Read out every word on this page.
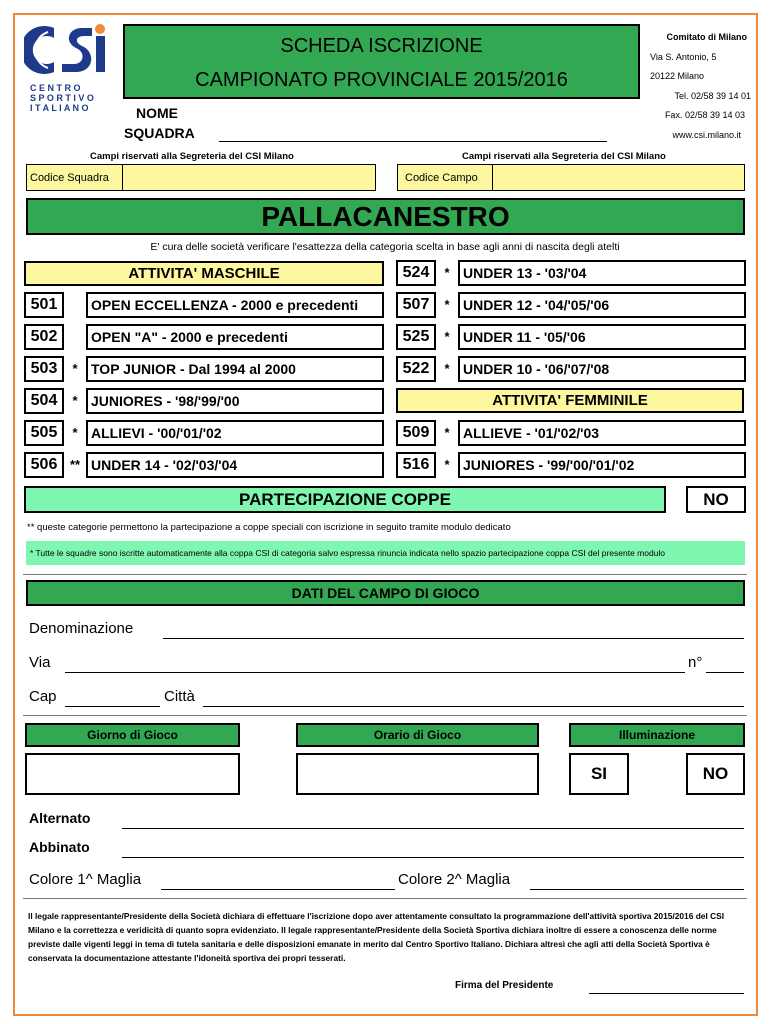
C E N T R O
S P O R T I V O
I T A L I A N O
SCHEDA ISCRIZIONE
CAMPIONATO PROVINCIALE 2015/2016
Comitato di Milano
Via S. Antonio, 5
20122 Milano
Tel. 02/58 39 14 01
Fax. 02/58 39 14 03
www.csi.milano.it
NOME
SQUADRA
Campi riservati alla Segreteria del CSI Milano	Campi riservati alla Segreteria del CSI Milano
Codice Squadra	Codice Campo
PALLACANESTRO
E' cura delle società verificare l'esattezza della categoria scelta in base agli anni di nascita degli atelti
ATTIVITA' MASCHILE
501	OPEN ECCELLENZA - 2000 e precedenti
502	OPEN "A" - 2000 e precedenti
503	* TOP JUNIOR - Dal 1994 al 2000
504	* JUNIORES - '98/'99/'00
505	* ALLIEVI - '00/'01/'02
506 ** UNDER 14 - '02/'03/'04
524	* UNDER 13 - '03/'04
507	* UNDER 12 - '04/'05/'06
525	* UNDER 11 - '05/'06
522	* UNDER 10 - '06/'07/'08
509	* ALLIEVE - '01/'02/'03
516	* JUNIORES - '99/'00/'01/'02
ATTIVITA' FEMMINILE
PARTECIPAZIONE COPPE	NO
** queste categorie permettono la partecipazione a coppe speciali con iscrizione in seguito tramite modulo dedicato
* Tutte le squadre sono iscritte automaticamente alla coppa CSI di categoria salvo espressa rinuncia indicata nello spazio partecipazione coppa CSI del presente modulo
DATI DEL CAMPO DI GIOCO
Denominazione
Via	n°
Cap	Città
Giorno di Gioco	Orario di Gioco	Illuminazione
SI	NO
Alternato
Abbinato
Colore 1^ Maglia	Colore 2^ Maglia
Il legale rappresentante/Presidente della Società dichiara di effettuare l'iscrizione dopo aver attentamente consultato la programmazione dell'attività sportiva 2015/2016 del CSI Milano e la correttezza e veridicità di quanto sopra evidenziato. Il legale rappresentante/Presidente della Società Sportiva dichiara inoltre di essere a conoscenza delle norme previste dalle vigenti leggi in tema di tutela sanitaria e delle disposizioni emanate in merito dal Centro Sportivo Italiano. Dichiara altresì che agli atti della Società Sportiva è conservata la documentazione attestante l'idoneità sportiva dei propri tesserati.
Firma del Presidente
